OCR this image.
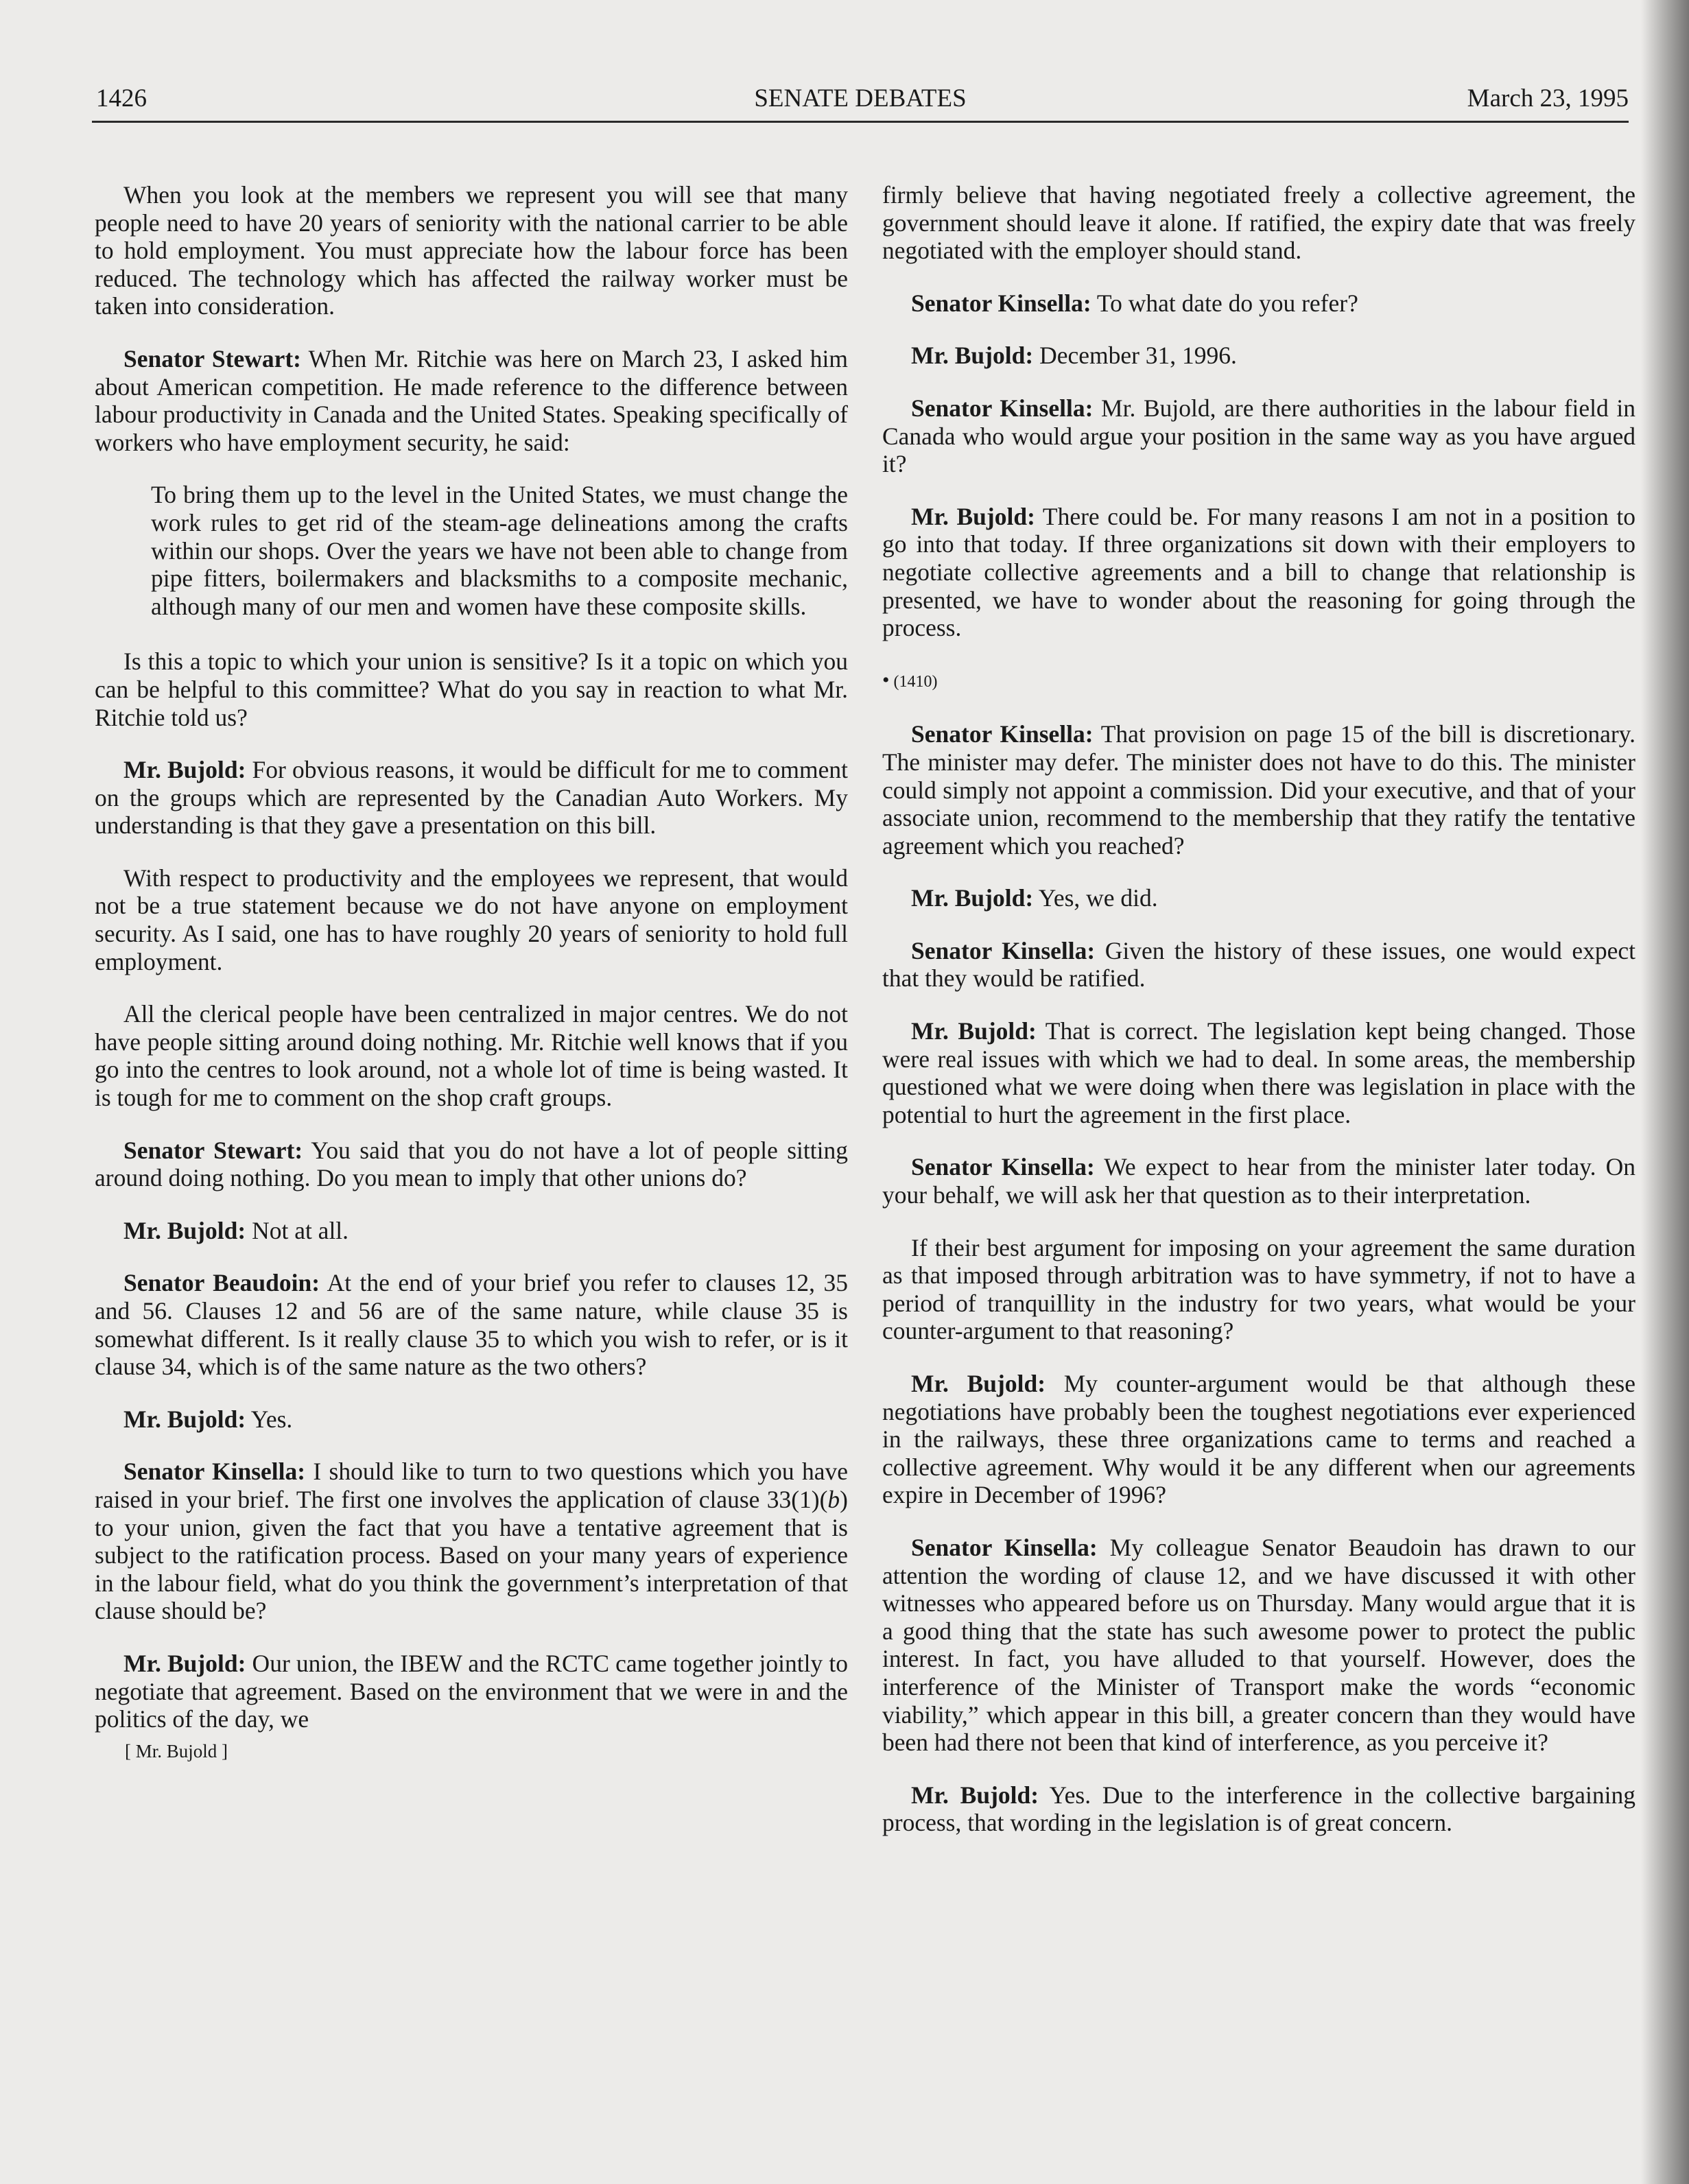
1426	SENATE DEBATES	March 23, 1995

When you look at the members we represent you will see that many people need to have 20 years of seniority with the national carrier to be able to hold employment. You must appreciate how the labour force has been reduced. The technology which has affected the railway worker must be taken into consideration.

Senator Stewart: When Mr. Ritchie was here on March 23, I asked him about American competition. He made reference to the difference between labour productivity in Canada and the United States. Speaking specifically of workers who have employment security, he said:

To bring them up to the level in the United States, we must change the work rules to get rid of the steam-age delineations among the crafts within our shops. Over the years we have not been able to change from pipe fitters, boilermakers and blacksmiths to a composite mechanic, although many of our men and women have these composite skills.

Is this a topic to which your union is sensitive? Is it a topic on which you can be helpful to this committee? What do you say in reaction to what Mr. Ritchie told us?

Mr. Bujold: For obvious reasons, it would be difficult for me to comment on the groups which are represented by the Canadian Auto Workers. My understanding is that they gave a presentation on this bill.

With respect to productivity and the employees we represent, that would not be a true statement because we do not have anyone on employment security. As I said, one has to have roughly 20 years of seniority to hold full employment.

All the clerical people have been centralized in major centres. We do not have people sitting around doing nothing. Mr. Ritchie well knows that if you go into the centres to look around, not a whole lot of time is being wasted. It is tough for me to comment on the shop craft groups.

Senator Stewart: You said that you do not have a lot of people sitting around doing nothing. Do you mean to imply that other unions do?

Mr. Bujold: Not at all.

Senator Beaudoin: At the end of your brief you refer to clauses 12, 35 and 56. Clauses 12 and 56 are of the same nature, while clause 35 is somewhat different. Is it really clause 35 to which you wish to refer, or is it clause 34, which is of the same nature as the two others?

Mr. Bujold: Yes.

Senator Kinsella: I should like to turn to two questions which you have raised in your brief. The first one involves the application of clause 33(1)(b) to your union, given the fact that you have a tentative agreement that is subject to the ratification process. Based on your many years of experience in the labour field, what do you think the government’s interpretation of that clause should be?

Mr. Bujold: Our union, the IBEW and the RCTC came together jointly to negotiate that agreement. Based on the environment that we were in and the politics of the day, we

[ Mr. Bujold ]

firmly believe that having negotiated freely a collective agreement, the government should leave it alone. If ratified, the expiry date that was freely negotiated with the employer should stand.

Senator Kinsella: To what date do you refer?

Mr. Bujold: December 31, 1996.

Senator Kinsella: Mr. Bujold, are there authorities in the labour field in Canada who would argue your position in the same way as you have argued it?

Mr. Bujold: There could be. For many reasons I am not in a position to go into that today. If three organizations sit down with their employers to negotiate collective agreements and a bill to change that relationship is presented, we have to wonder about the reasoning for going through the process.

• (1410)

Senator Kinsella: That provision on page 15 of the bill is discretionary. The minister may defer. The minister does not have to do this. The minister could simply not appoint a commission. Did your executive, and that of your associate union, recommend to the membership that they ratify the tentative agreement which you reached?

Mr. Bujold: Yes, we did.

Senator Kinsella: Given the history of these issues, one would expect that they would be ratified.

Mr. Bujold: That is correct. The legislation kept being changed. Those were real issues with which we had to deal. In some areas, the membership questioned what we were doing when there was legislation in place with the potential to hurt the agreement in the first place.

Senator Kinsella: We expect to hear from the minister later today. On your behalf, we will ask her that question as to their interpretation.

If their best argument for imposing on your agreement the same duration as that imposed through arbitration was to have symmetry, if not to have a period of tranquillity in the industry for two years, what would be your counter-argument to that reasoning?

Mr. Bujold: My counter-argument would be that although these negotiations have probably been the toughest negotiations ever experienced in the railways, these three organizations came to terms and reached a collective agreement. Why would it be any different when our agreements expire in December of 1996?

Senator Kinsella: My colleague Senator Beaudoin has drawn to our attention the wording of clause 12, and we have discussed it with other witnesses who appeared before us on Thursday. Many would argue that it is a good thing that the state has such awesome power to protect the public interest. In fact, you have alluded to that yourself. However, does the interference of the Minister of Transport make the words “economic viability,” which appear in this bill, a greater concern than they would have been had there not been that kind of interference, as you perceive it?

Mr. Bujold: Yes. Due to the interference in the collective bargaining process, that wording in the legislation is of great concern.
